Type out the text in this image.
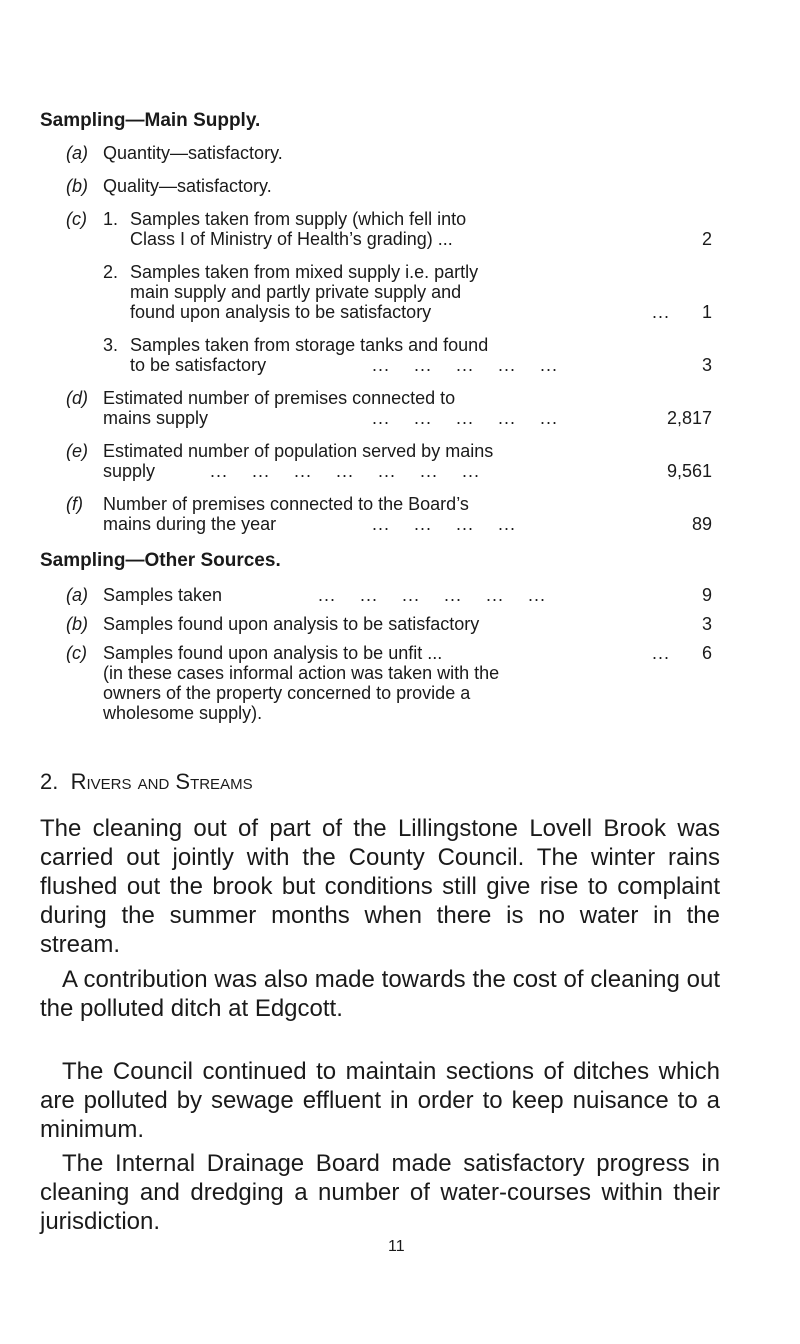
Sampling—Main Supply.
(a) Quantity—satisfactory.
(b) Quality—satisfactory.
(c) 1. Samples taken from supply (which fell into
Class I of Ministry of Health’s grading) ...	2
2. Samples taken from mixed supply i.e. partly
main supply and partly private supply and
found upon analysis to be satisfactory	...	1
3. Samples taken from storage tanks and found
to be satisfactory	...    ...    ...    ...    ...	3
(d) Estimated number of premises connected to
mains supply	...    ...    ...    ...    ...	2,817
(e) Estimated number of population served by mains
supply	...    ...    ...    ...    ...    ...    ...	9,561
(f) Number of premises connected to the Board’s
mains during the year	...    ...    ...    ...	89
Sampling—Other Sources.
(a) Samples taken	...    ...    ...    ...    ...    ...	9
(b) Samples found upon analysis to be satisfactory	3
(c) Samples found upon analysis to be unfit ...	...	6
(in these cases informal action was taken with the
owners of the property concerned to provide a
wholesome supply).
2. Rivers and Streams
The cleaning out of part of the Lillingstone Lovell Brook was carried out jointly with the County Council. The winter rains flushed out the brook but conditions still give rise to complaint during the summer months when there is no water in the stream.
A contribution was also made towards the cost of cleaning out the polluted ditch at Edgcott.
The Council continued to maintain sections of ditches which are polluted by sewage effluent in order to keep nuisance to a minimum.
The Internal Drainage Board made satisfactory progress in cleaning and dredging a number of water-courses within their jurisdiction.
11
